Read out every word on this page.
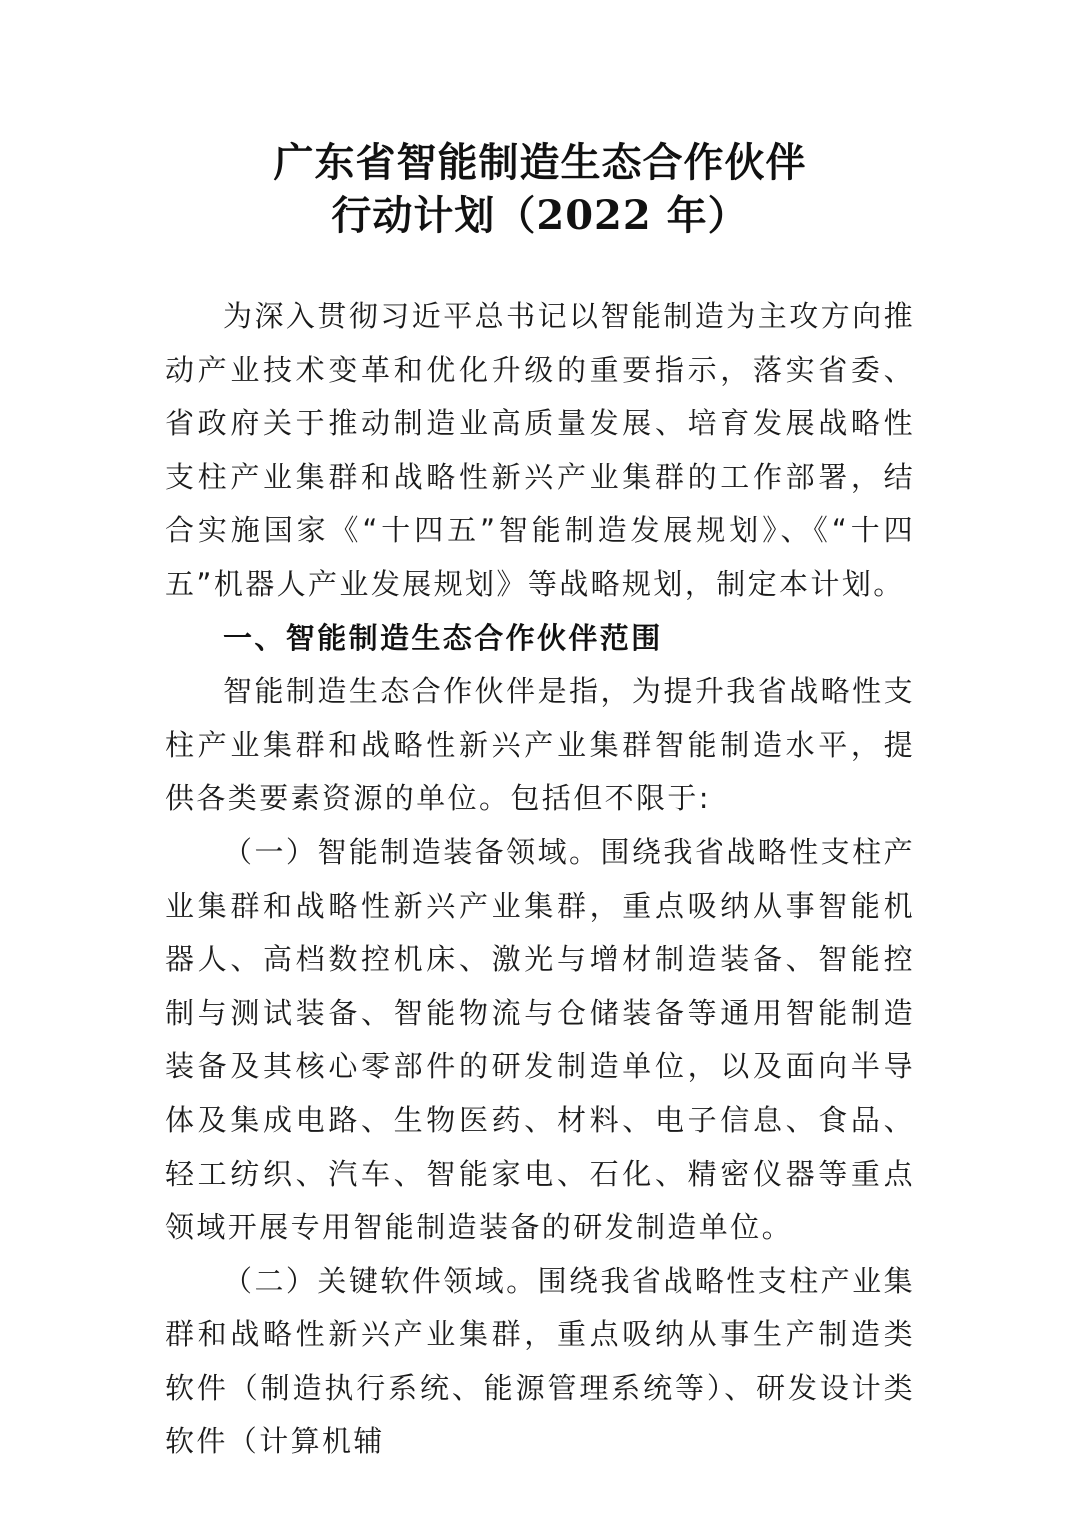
广东省智能制造生态合作伙伴
行动计划（2022 年）

为深入贯彻习近平总书记以智能制造为主攻方向推动产业技术变革和优化升级的重要指示，落实省委、省政府关于推动制造业高质量发展、培育发展战略性支柱产业集群和战略性新兴产业集群的工作部署，结合实施国家《“十四五”智能制造发展规划》、《“十四五”机器人产业发展规划》等战略规划，制定本计划。

一、智能制造生态合作伙伴范围

智能制造生态合作伙伴是指，为提升我省战略性支柱产业集群和战略性新兴产业集群智能制造水平，提供各类要素资源的单位。包括但不限于:

（一）智能制造装备领域。围绕我省战略性支柱产业集群和战略性新兴产业集群，重点吸纳从事智能机器人、高档数控机床、激光与增材制造装备、智能控制与测试装备、智能物流与仓储装备等通用智能制造装备及其核心零部件的研发制造单位，以及面向半导体及集成电路、生物医药、材料、电子信息、食品、轻工纺织、汽车、智能家电、石化、精密仪器等重点领域开展专用智能制造装备的研发制造单位。

（二）关键软件领域。围绕我省战略性支柱产业集群和战略性新兴产业集群，重点吸纳从事生产制造类软件（制造执行系统、能源管理系统等）、研发设计类软件（计算机辅
